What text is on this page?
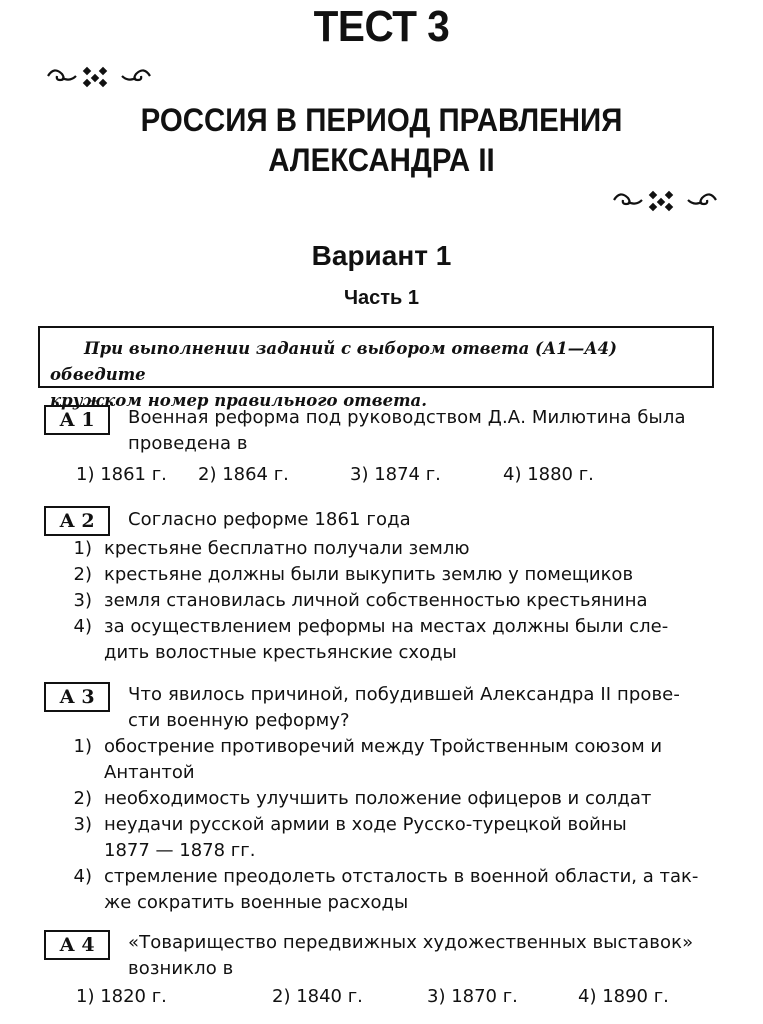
ТЕСТ 3
РОССИЯ В ПЕРИОД ПРАВЛЕНИЯ
АЛЕКСАНДРА II
Вариант 1
Часть 1
При выполнении заданий с выбором ответа (А1—А4) обведите
кружком номер правильного ответа.
А 1	Военная реформа под руководством Д.А. Милютина была
проведена в
1) 1861 г. 2) 1864 г.	3) 1874 г.	4) 1880 г.
А 2	Согласно реформе 1861 года
1) крестьяне бесплатно получали землю
2) крестьяне должны были выкупить землю у помещиков
3) земля становилась личной собственностью крестьянина
4) за осуществлением реформы на местах должны были сле-
дить волостные крестьянские сходы
А 3	Что явилось причиной, побудившей Александра II прове-
сти военную реформу?
1) обострение противоречий между Тройственным союзом и
Антантой
2) необходимость улучшить положение офицеров и солдат
3) неудачи русской армии в ходе Русско-турецкой войны
1877 — 1878 гг.
4) стремление преодолеть отсталость в военной области, а так-
же сократить военные расходы
А 4	«Товарищество передвижных художественных выставок»
возникло в
1) 1820 г.	2) 1840 г.	3) 1870 г.	4) 1890 г.
